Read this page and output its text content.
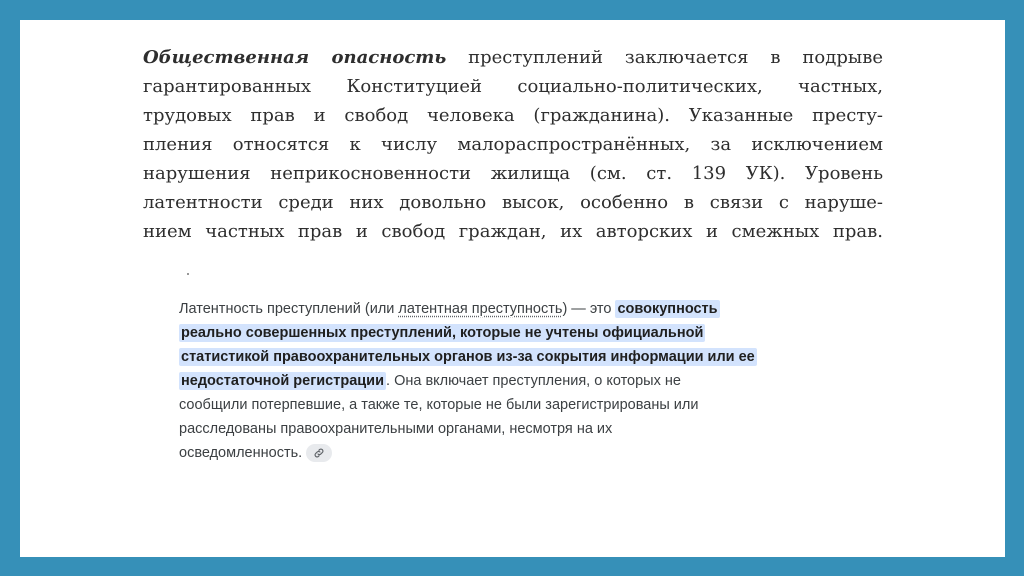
Общественная опасность преступлений заключается в подрыве
гарантированных Конституцией социально-политических, частных,
трудовых прав и свобод человека (гражданина). Указанные престу-
пления относятся к числу малораспространённых, за исключением
нарушения неприкосновенности жилища (см. ст. 139 УК). Уровень
латентности среди них довольно высок, особенно в связи с наруше-
нием частных прав и свобод граждан, их авторских и смежных прав.
Латентность преступлений (или латентная преступность) — это совокупность
реально совершенных преступлений, которые не учтены официальной
статистикой правоохранительных органов из-за сокрытия информации или ее
недостаточной регистрации . Она включает преступления, о которых не
сообщили потерпевшие, а также те, которые не были зарегистрированы или
расследованы правоохранительными органами, несмотря на их
осведомленность.
